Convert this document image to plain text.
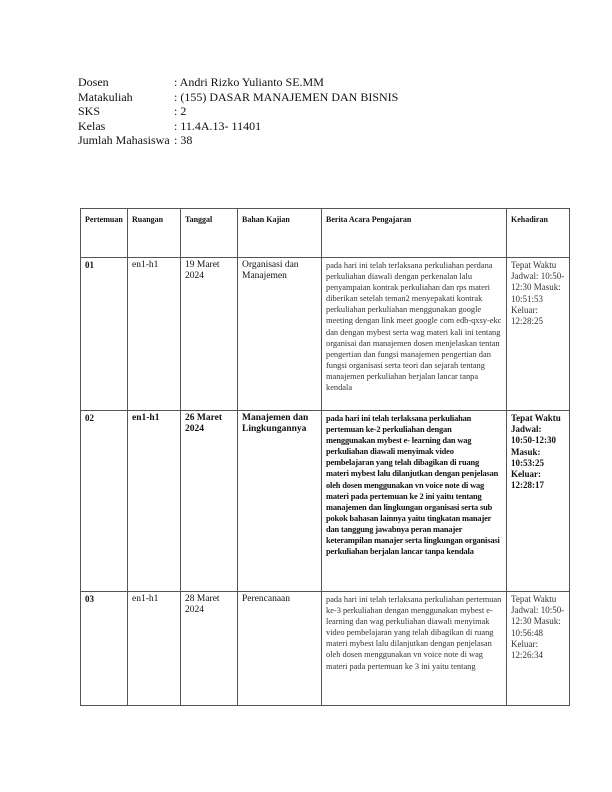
Dosen	: Andri Rizko Yulianto SE.MM
Matakuliah	: (155) DASAR MANAJEMEN DAN BISNIS
SKS	: 2
Kelas	: 11.4A.13- 11401
Jumlah Mahasiswa : 38
Pertemuan	Ruangan	Tanggal	Bahan Kajian	Berita Acara Pengajaran	Kehadiran
01	en1-h1	19 Maret 2024	Organisasi dan Manajemen	pada hari ini telah terlaksana perkuliahan perdana perkuliahan diawali dengan perkenalan lalu penyampaian kontrak perkuliahan dan rps materi diberikan setelah teman2 menyepakati kontrak perkuliahan perkuliahan menggunakan google meeting dengan link meet google com edb-qxsy-ekc dan dengan mybest serta wag materi kali ini tentang organisai dan manajemen dosen menjelaskan tentan pengertian dan fungsi manajemen pengertian dan fungsi organisasi serta teori dan sejarah tentang manajemen perkuliahan berjalan lancar tanpa kendala	Tepat Waktu Jadwal: 10:50-12:30 Masuk: 10:51:53 Keluar: 12:28:25
02	en1-h1	26 Maret 2024	Manajemen dan Lingkungannya	pada hari ini telah terlaksana perkuliahan pertemuan ke-2 perkuliahan dengan menggunakan mybest e- learning dan wag perkuliahan diawali menyimak video pembelajaran yang telah dibagikan di ruang materi mybest lalu dilanjutkan dengan penjelasan oleh dosen menggunakan vn voice note di wag materi pada pertemuan ke 2 ini yaitu tentang manajemen dan lingkungan organisasi serta sub pokok bahasan lainnya yaitu tingkatan manajer dan tanggung jawabnya peran manajer keterampilan manajer serta lingkungan organisasi perkuliahan berjalan lancar tanpa kendala	Tepat Waktu Jadwal: 10:50-12:30 Masuk: 10:53:25 Keluar: 12:28:17
03	en1-h1	28 Maret 2024	Perencanaan	pada hari ini telah terlaksana perkuliahan pertemuan ke-3 perkuliahan dengan menggunakan mybest e- learning dan wag perkuliahan diawali menyimak video pembelajaran yang telah dibagikan di ruang materi mybest lalu dilanjutkan dengan penjelasan oleh dosen menggunakan vn voice note di wag materi pada pertemuan ke 3 ini yaitu tentang	Tepat Waktu Jadwal: 10:50-12:30 Masuk: 10:56:48 Keluar: 12:26:34
